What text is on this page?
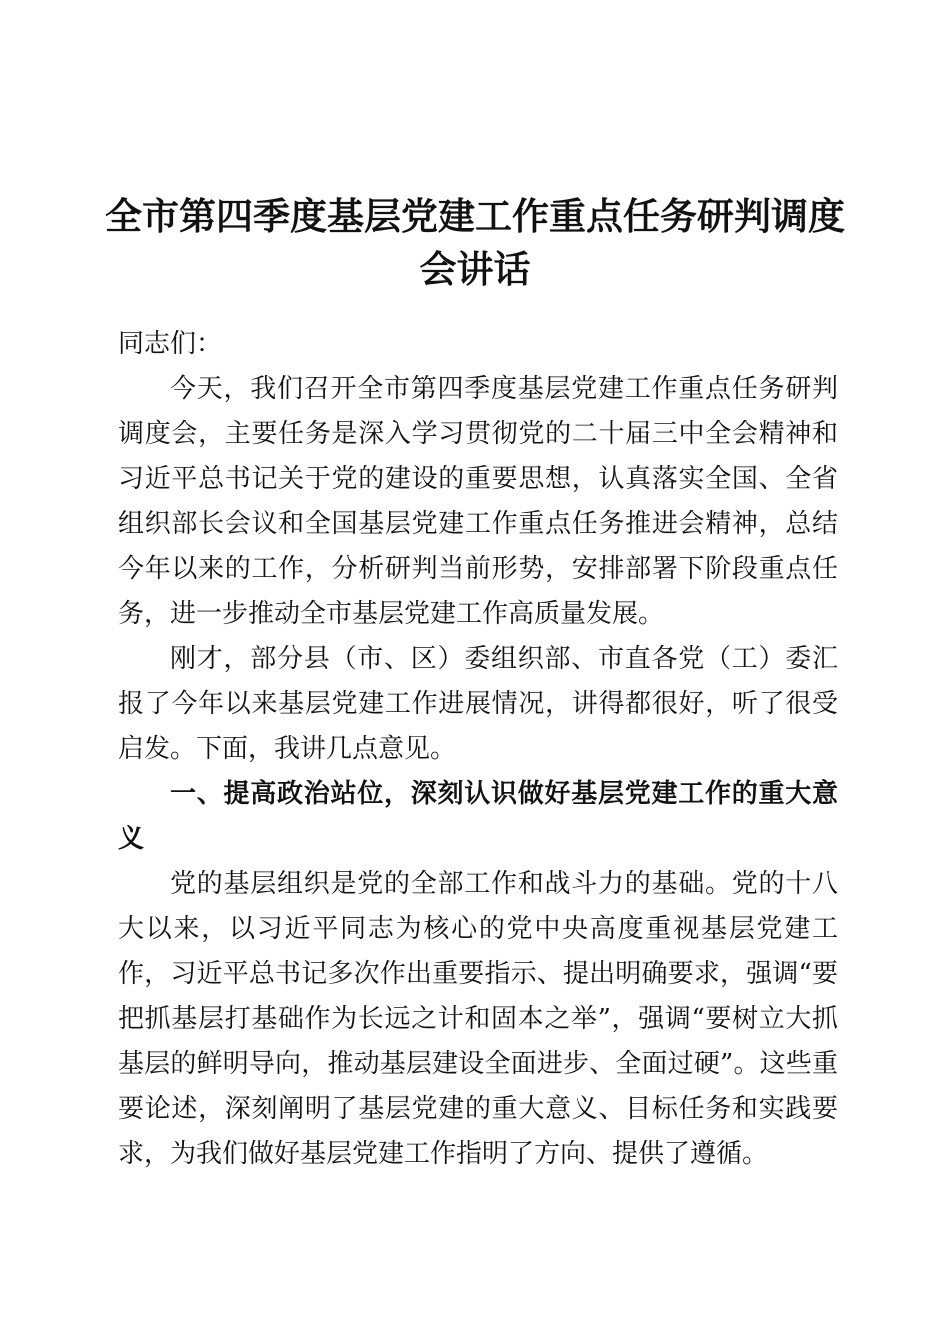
全市第四季度基层党建工作重点任务研判调度
会讲话

同志们：

今天，我们召开全市第四季度基层党建工作重点任务研判调度会，主要任务是深入学习贯彻党的二十届三中全会精神和习近平总书记关于党的建设的重要思想，认真落实全国、全省组织部长会议和全国基层党建工作重点任务推进会精神，总结今年以来的工作，分析研判当前形势，安排部署下阶段重点任务，进一步推动全市基层党建工作高质量发展。

刚才，部分县（市、区）委组织部、市直各党（工）委汇报了今年以来基层党建工作进展情况，讲得都很好，听了很受启发。下面，我讲几点意见。

一、提高政治站位，深刻认识做好基层党建工作的重大意义

党的基层组织是党的全部工作和战斗力的基础。党的十八大以来，以习近平同志为核心的党中央高度重视基层党建工作，习近平总书记多次作出重要指示、提出明确要求，强调“要把抓基层打基础作为长远之计和固本之举”，强调“要树立大抓基层的鲜明导向，推动基层建设全面进步、全面过硬”。这些重要论述，深刻阐明了基层党建的重大意义、目标任务和实践要求，为我们做好基层党建工作指明了方向、提供了遵循。
